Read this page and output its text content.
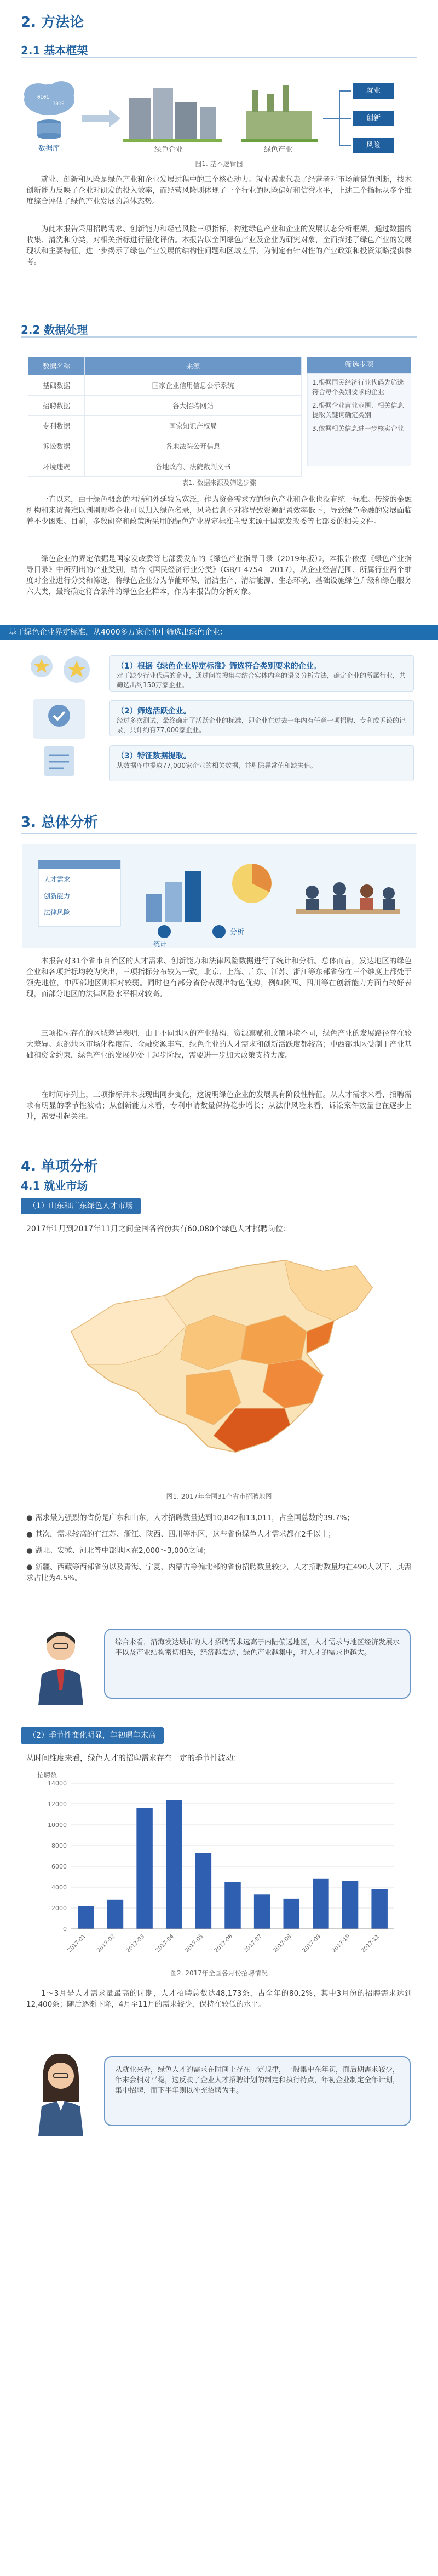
2. 方法论
2.1 基本框架
0101
1010
数据库	绿色企业	绿色产业
就业
创新
风险
图1. 基本逻辑图
就业、创新和风险是绿色产业和企业发展过程中的三个核心动力。就业需求代表了经营者对市场前景的判断，技术创新能力反映了企业对研发的投入效率，而经营风险则体现了一个行业的风险偏好和信誉水平，上述三个指标从多个维度综合评估了绿色产业发展的总体态势。
为此本报告采用招聘需求、创新能力和经营风险三项指标，构建绿色产业和企业的发展状态分析框架，通过数据的收集、清洗和分类，对相关指标进行量化评估。本报告以全国绿色产业及企业为研究对象，全面描述了绿色产业的发展现状和主要特征，进一步揭示了绿色产业发展的结构性问题和区域差异，为制定有针对性的产业政策和投资策略提供参考。
2.2 数据处理
数据名称	来源
基础数据	国家企业信用信息公示系统
招聘数据	各大招聘网站
专利数据	国家知识产权局
诉讼数据	各地法院公开信息
环境违规	各地政府、法院裁判文书
筛选步骤
1.根据国民经济行业代码先筛选符合每个类别要求的企业
2.根据企业营业范围、相关信息提取关键词确定类别
3.依据相关信息进一步核实企业
表1. 数据来源及筛选步骤
一直以来，由于绿色概念的内涵和外延较为宽泛，作为资金需求方的绿色产业和企业也没有统一标准。传统的金融机构和来访者难以判别哪些企业可以归入绿色名录，风险信息不对称导致资源配置效率低下，导致绿色金融的发展面临着不少困难。目前，多数研究和政策所采用的绿色产业界定标准主要来源于国家发改委等七部委的相关文件。
绿色企业的界定依据是国家发改委等七部委发布的《绿色产业指导目录（2019年版）》，本报告依据《绿色产业指导目录》中所列出的产业类别，结合《国民经济行业分类》（GB/T 4754—2017），从企业经营范围、所属行业两个维度对企业进行分类和筛选，将绿色企业分为节能环保、清洁生产、清洁能源、生态环境、基础设施绿色升级和绿色服务六大类，最终确定符合条件的绿色企业样本，作为本报告的分析对象。
基于绿色企业界定标准，从4000多万家企业中筛选出绿色企业：
（1）根据《绿色企业界定标准》筛选符合类别要求的企业。
对于缺少行业代码的企业，通过问卷搜集与结合实体内容的语义分析方法，确定企业的所属行业，共筛选出约150万家企业。
（2）筛选活跃企业。
经过多次测试，最终确定了活跃企业的标准，即企业在过去一年内有任意一项招聘、专利或诉讼的记录，共计约有77,000家企业。
（3）特征数据提取。
从数据库中提取77,000家企业的相关数据，并剔除异常值和缺失值。
3. 总体分析
人才需求
创新能力
法律风险
分析
统计
本报告对31个省市自治区的人才需求、创新能力和法律风险数据进行了统计和分析。总体而言，发达地区的绿色企业和各项指标均较为突出，三项指标分布较为一致，北京、上海、广东、江苏、浙江等东部省份在三个维度上都处于领先地位，中西部地区则相对较弱。同时也有部分省份表现出特色优势，例如陕西、四川等在创新能力方面有较好表现，而部分地区的法律风险水平相对较高。
三项指标存在的区域差异表明，由于不同地区的产业结构、资源禀赋和政策环境不同，绿色产业的发展路径存在较大差异。东部地区市场化程度高、金融资源丰富，绿色企业的人才需求和创新活跃度都较高；中西部地区受制于产业基础和资金约束，绿色产业的发展仍处于起步阶段，需要进一步加大政策支持力度。
在时间序列上，三项指标并未表现出同步变化，这说明绿色企业的发展具有阶段性特征。从人才需求来看，招聘需求有明显的季节性波动；从创新能力来看，专利申请数量保持稳步增长；从法律风险来看，诉讼案件数量也在逐步上升，需要引起关注。
4. 单项分析
4.1 就业市场
（1）山东和广东绿色人才市场
2017年1月到2017年11月之间全国各省份共有60,080个绿色人才招聘岗位：
图1. 2017年全国31个省市招聘地图
● 需求最为强烈的省份是广东和山东，人才招聘数量达到10,842和13,011，占全国总数的39.7%；
● 其次，需求较高的有江苏、浙江、陕西、四川等地区，这些省份绿色人才需求都在2千以上；
● 湖北、安徽、河北等中部地区在2,000～3,000之间；
● 新疆、西藏等西部省份以及青海、宁夏、内蒙古等偏北部的省份招聘数量较少，人才招聘数量均在490人以下，其需求占比为4.5%。
综合来看，沿海发达城市的人才招聘需求远高于内陆偏远地区，人才需求与地区经济发展水平以及产业结构密切相关，经济越发达，绿色产业越集中，对人才的需求也越大。
（2）季节性变化明显，年初遇年末高
从时间维度来看，绿色人才的招聘需求存在一定的季节性波动：
招聘数
0
2000
4000
6000
8000
10000
12000
14000
2017-01 2017-02 2017-03 2017-04 2017-05 2017-06 2017-07 2017-08 2017-09 2017-10 2017-11
图2. 2017年全国各月份招聘情况
1～3月是人才需求量最高的时期，人才招聘总数达48,173条，占全年的80.2%，其中3月份的招聘需求达到12,400条；随后逐渐下降，4月至11月的需求较少，保持在较低的水平。
从就业来看，绿色人才的需求在时间上存在一定规律，一般集中在年初，而后期需求较少，年末会相对平稳，这反映了企业人才招聘计划的制定和执行特点，年初企业制定全年计划，集中招聘，而下半年则以补充招聘为主。
